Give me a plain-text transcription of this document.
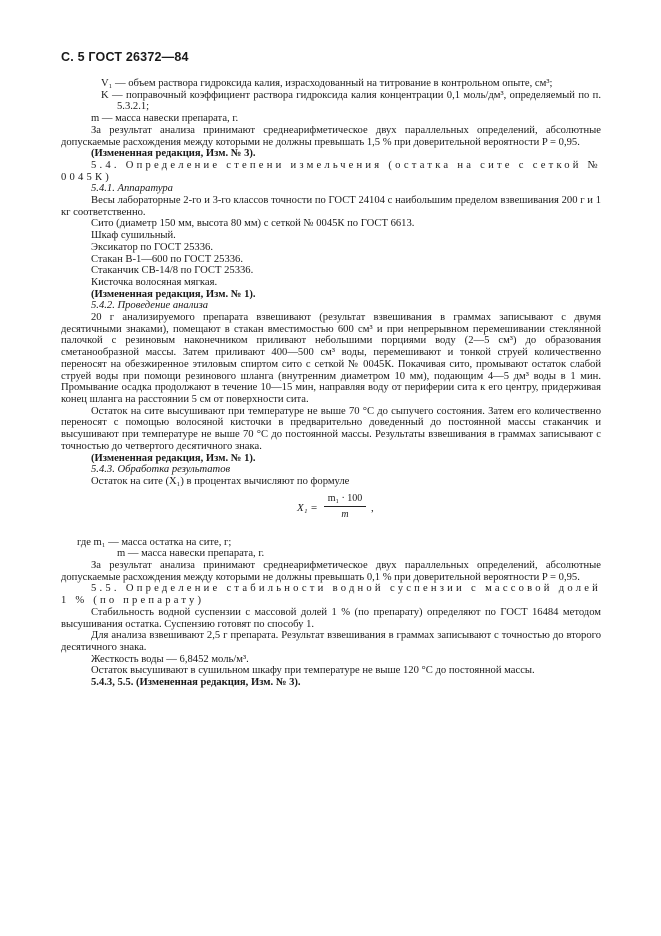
С. 5 ГОСТ 26372—84

V₁ — объем раствора гидроксида калия, израсходованный на титрование в контрольном опыте, см³;

K — поправочный коэффициент раствора гидроксида калия концентрации 0,1 моль/дм³, определяемый по п. 5.3.2.1;

m — масса навески препарата, г.

За результат анализа принимают среднеарифметическое двух параллельных определений, абсолютные допускаемые расхождения между которыми не должны превышать 1,5 % при доверительной вероятности P = 0,95.

(Измененная редакция, Изм. № 3).

5.4. Определение степени измельчения (остатка на сите с сеткой № 0045К)

5.4.1. Аппаратура

Весы лабораторные 2-го и 3-го классов точности по ГОСТ 24104 с наибольшим пределом взвешивания 200 г и 1 кг соответственно.

Сито (диаметр 150 мм, высота 80 мм) с сеткой № 0045К по ГОСТ 6613.

Шкаф сушильный.

Эксикатор по ГОСТ 25336.

Стакан В-1—600 по ГОСТ 25336.

Стаканчик СВ-14/8 по ГОСТ 25336.

Кисточка волосяная мягкая.

(Измененная редакция, Изм. № 1).

5.4.2. Проведение анализа

20 г анализируемого препарата взвешивают (результат взвешивания в граммах записывают с двумя десятичными знаками), помещают в стакан вместимостью 600 см³ и при непрерывном перемешивании стеклянной палочкой с резиновым наконечником приливают небольшими порциями воду (2—5 см³) до образования сметанообразной массы. Затем приливают 400—500 см³ воды, перемешивают и тонкой струей количественно переносят на обезжиренное этиловым спиртом сито с сеткой № 0045К. Покачивая сито, промывают остаток слабой струей воды при помощи резинового шланга (внутренним диаметром 10 мм), подающим 4—5 дм³ воды в 1 мин. Промывание осадка продолжают в течение 10—15 мин, направляя воду от периферии сита к его центру, придерживая конец шланга на расстоянии 5 см от поверхности сита.

Остаток на сите высушивают при температуре не выше 70 °С до сыпучего состояния. Затем его количественно переносят с помощью волосяной кисточки в предварительно доведенный до постоянной массы стаканчик и высушивают при температуре не выше 70 °С до постоянной массы. Результаты взвешивания в граммах записывают с точностью до четвертого десятичного знака.

(Измененная редакция, Изм. № 1).

5.4.3. Обработка результатов

Остаток на сите (X₁) в процентах вычисляют по формуле

$X_1 = \frac{\text{m₁ · 100}}{m}$ ,

где m₁ — масса остатка на сите, г;

m — масса навески препарата, г.

За результат анализа принимают среднеарифметическое двух параллельных определений, абсолютные допускаемые расхождения между которыми не должны превышать 0,1 % при доверительной вероятности P = 0,95.

5.5. Определение стабильности водной суспензии с массовой долей 1 % (по препарату)

Стабильность водной суспензии с массовой долей 1 % (по препарату) определяют по ГОСТ 16484 методом высушивания остатка. Суспензию готовят по способу 1.

Для анализа взвешивают 2,5 г препарата. Результат взвешивания в граммах записывают с точностью до второго десятичного знака.

Жесткость воды — 6,8452 моль/м³.

Остаток высушивают в сушильном шкафу при температуре не выше 120 °С до постоянной массы.

5.4.3, 5.5. (Измененная редакция, Изм. № 3).
